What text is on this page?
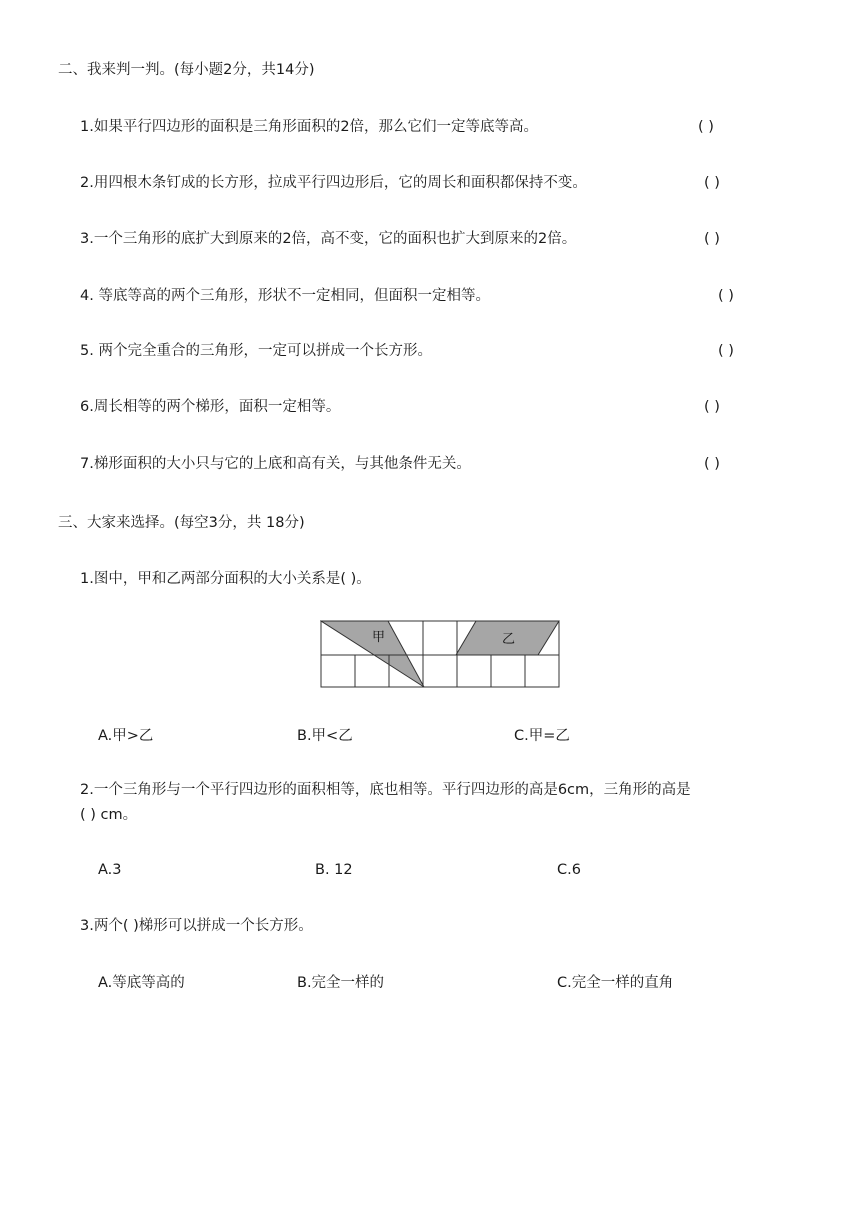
二、我来判一判。(每小题2分，共14分)
1.如果平行四边形的面积是三角形面积的2倍，那么它们一定等底等高。	( )
2.用四根木条钉成的长方形，拉成平行四边形后，它的周长和面积都保持不变。	( )
3.一个三角形的底扩大到原来的2倍，高不变，它的面积也扩大到原来的2倍。	( )
4. 等底等高的两个三角形，形状不一定相同，但面积一定相等。	( )
5. 两个完全重合的三角形，一定可以拼成一个长方形。	( )
6.周长相等的两个梯形，面积一定相等。	( )
7.梯形面积的大小只与它的上底和高有关，与其他条件无关。	( )
三、大家来选择。(每空3分，共 18分)
1.图中，甲和乙两部分面积的大小关系是( )。
甲	乙
A.甲>乙	B.甲<乙	C.甲=乙
2.一个三角形与一个平行四边形的面积相等，底也相等。平行四边形的高是6cm，三角形的高是
( ) cm。
A.3	B. 12	C.6
3.两个( )梯形可以拼成一个长方形。
A.等底等高的	B.完全一样的	C.完全一样的直角
